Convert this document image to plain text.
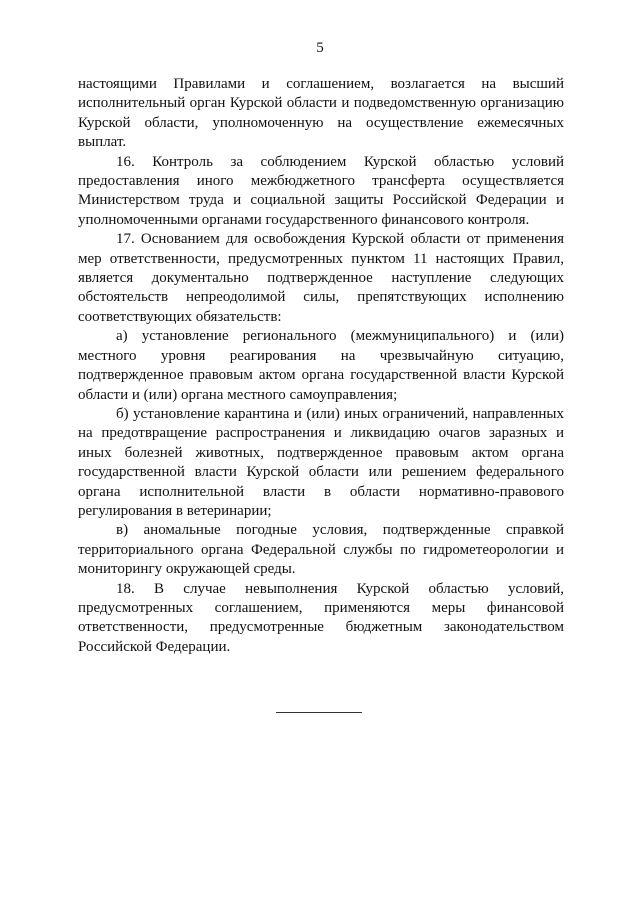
5

настоящими Правилами и соглашением, возлагается на высший исполнительный орган Курской области и подведомственную организацию Курской области, уполномоченную на осуществление ежемесячных выплат.

16. Контроль за соблюдением Курской областью условий предоставления иного межбюджетного трансферта осуществляется Министерством труда и социальной защиты Российской Федерации и уполномоченными органами государственного финансового контроля.

17. Основанием для освобождения Курской области от применения мер ответственности, предусмотренных пунктом 11 настоящих Правил, является документально подтвержденное наступление следующих обстоятельств непреодолимой силы, препятствующих исполнению соответствующих обязательств:

а) установление регионального (межмуниципального) и (или) местного уровня реагирования на чрезвычайную ситуацию, подтвержденное правовым актом органа государственной власти Курской области и (или) органа местного самоуправления;

б) установление карантина и (или) иных ограничений, направленных на предотвращение распространения и ликвидацию очагов заразных и иных болезней животных, подтвержденное правовым актом органа государственной власти Курской области или решением федерального органа исполнительной власти в области нормативно-правового регулирования в ветеринарии;

в) аномальные погодные условия, подтвержденные справкой территориального органа Федеральной службы по гидрометеорологии и мониторингу окружающей среды.

18. В случае невыполнения Курской областью условий, предусмотренных соглашением, применяются меры финансовой ответственности, предусмотренные бюджетным законодательством Российской Федерации.
